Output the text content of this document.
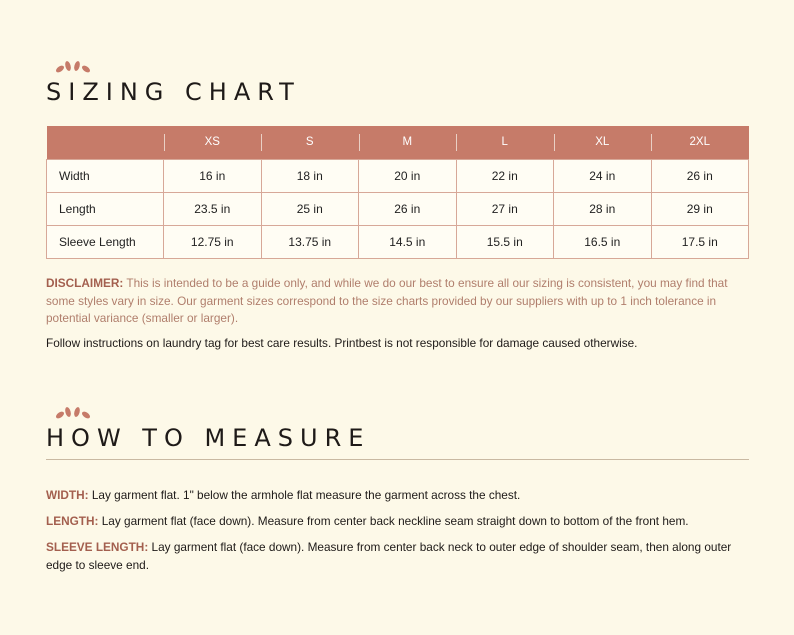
SIZING CHART
	XS	S	M	L	XL	2XL
Width	16 in	18 in	20 in	22 in	24 in	26 in
Length	23.5 in	25 in	26 in	27 in	28 in	29 in
Sleeve Length	12.75 in	13.75 in	14.5 in	15.5 in	16.5 in	17.5 in

DISCLAIMER: This is intended to be a guide only, and while we do our best to ensure all our sizing is consistent, you may find that some styles vary in size. Our garment sizes correspond to the size charts provided by our suppliers with up to 1 inch tolerance in potential variance (smaller or larger).

Follow instructions on laundry tag for best care results. Printbest is not responsible for damage caused otherwise.

HOW TO MEASURE

WIDTH: Lay garment flat. 1" below the armhole flat measure the garment across the chest.

LENGTH: Lay garment flat (face down). Measure from center back neckline seam straight down to bottom of the front hem.

SLEEVE LENGTH: Lay garment flat (face down). Measure from center back neck to outer edge of shoulder seam, then along outer edge to sleeve end.
